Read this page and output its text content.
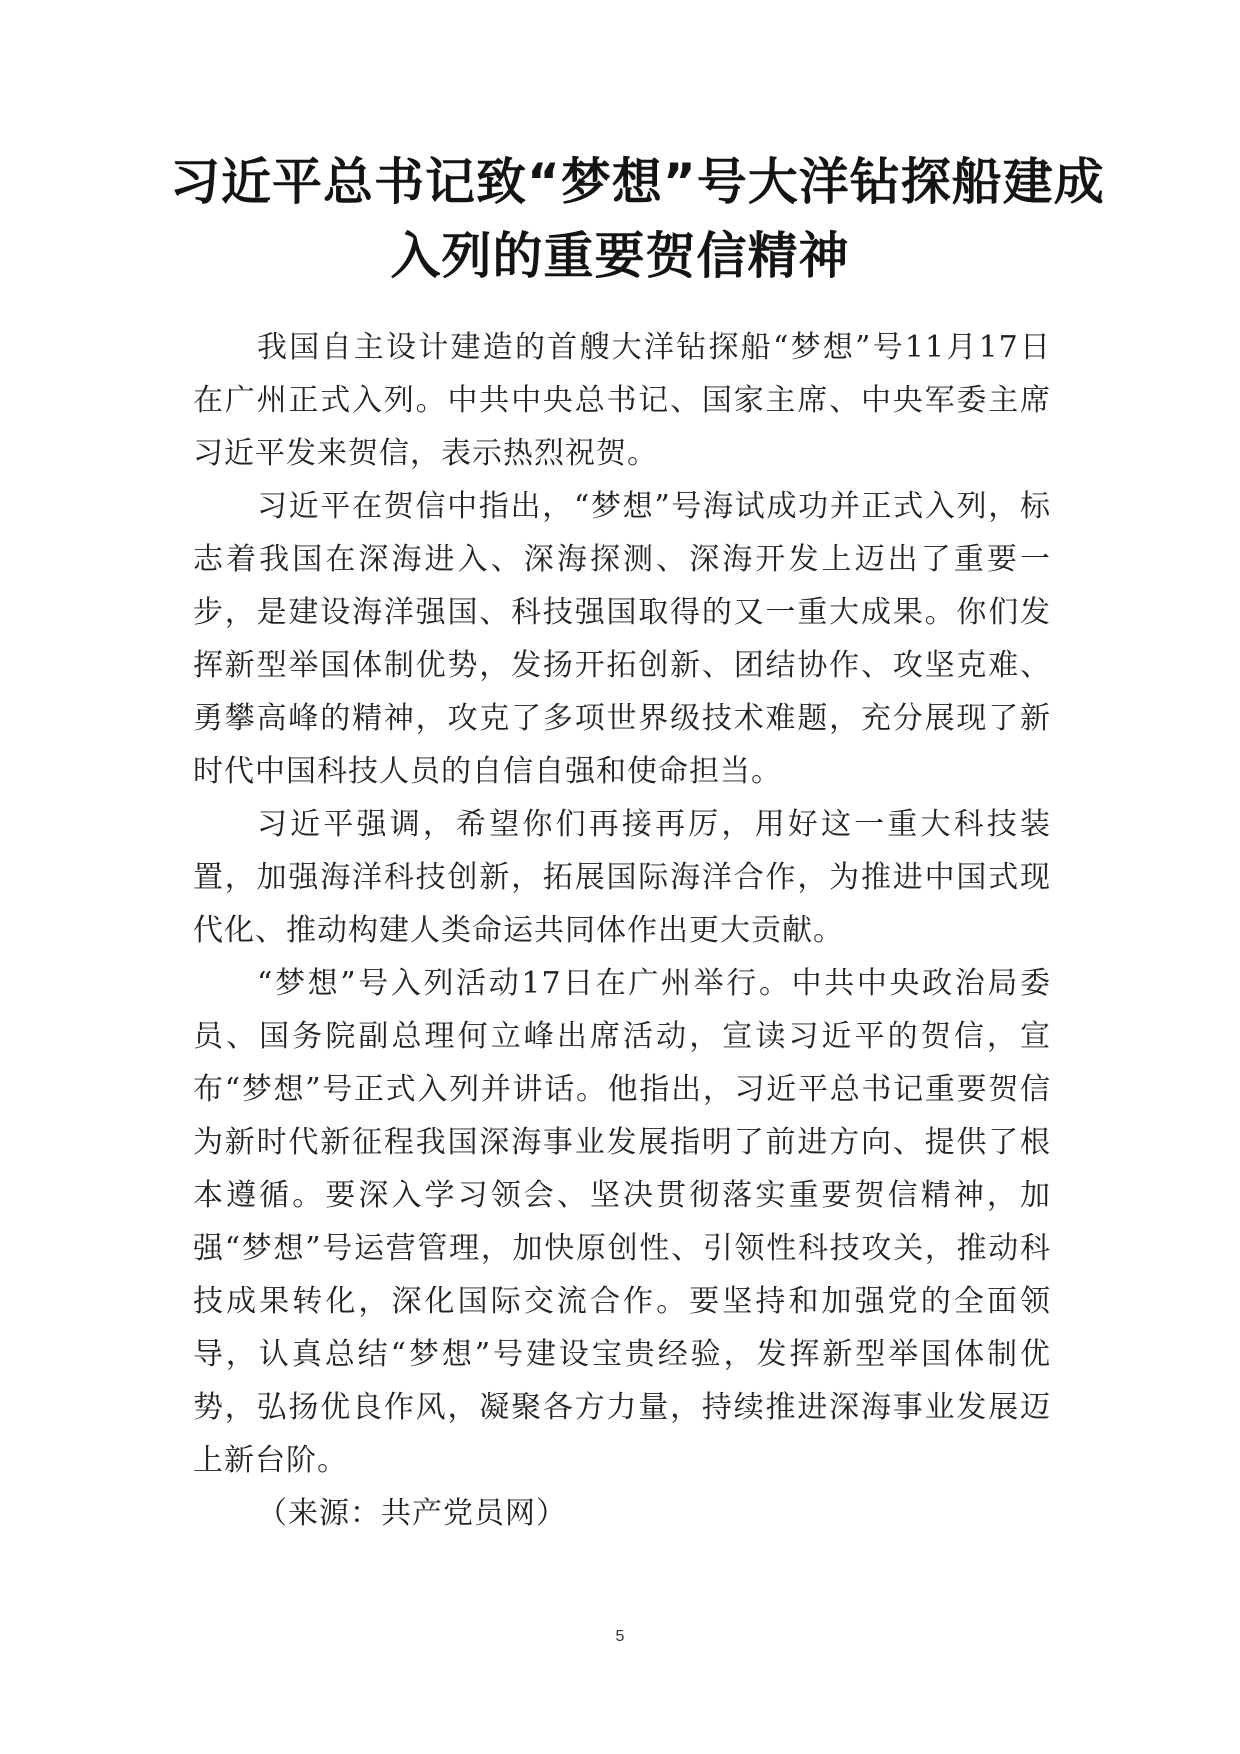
习近平总书记致“梦想”号大洋钻探船建成
入列的重要贺信精神

我国自主设计建造的首艘大洋钻探船“梦想”号11月17日在广州正式入列。中共中央总书记、国家主席、中央军委主席习近平发来贺信，表示热烈祝贺。

习近平在贺信中指出，“梦想”号海试成功并正式入列，标志着我国在深海进入、深海探测、深海开发上迈出了重要一步，是建设海洋强国、科技强国取得的又一重大成果。你们发挥新型举国体制优势，发扬开拓创新、团结协作、攻坚克难、勇攀高峰的精神，攻克了多项世界级技术难题，充分展现了新时代中国科技人员的自信自强和使命担当。

习近平强调，希望你们再接再厉，用好这一重大科技装置，加强海洋科技创新，拓展国际海洋合作，为推进中国式现代化、推动构建人类命运共同体作出更大贡献。

“梦想”号入列活动17日在广州举行。中共中央政治局委员、国务院副总理何立峰出席活动，宣读习近平的贺信，宣布“梦想”号正式入列并讲话。他指出，习近平总书记重要贺信为新时代新征程我国深海事业发展指明了前进方向、提供了根本遵循。要深入学习领会、坚决贯彻落实重要贺信精神，加强“梦想”号运营管理，加快原创性、引领性科技攻关，推动科技成果转化，深化国际交流合作。要坚持和加强党的全面领导，认真总结“梦想”号建设宝贵经验，发挥新型举国体制优势，弘扬优良作风，凝聚各方力量，持续推进深海事业发展迈上新台阶。

（来源：共产党员网）

5
